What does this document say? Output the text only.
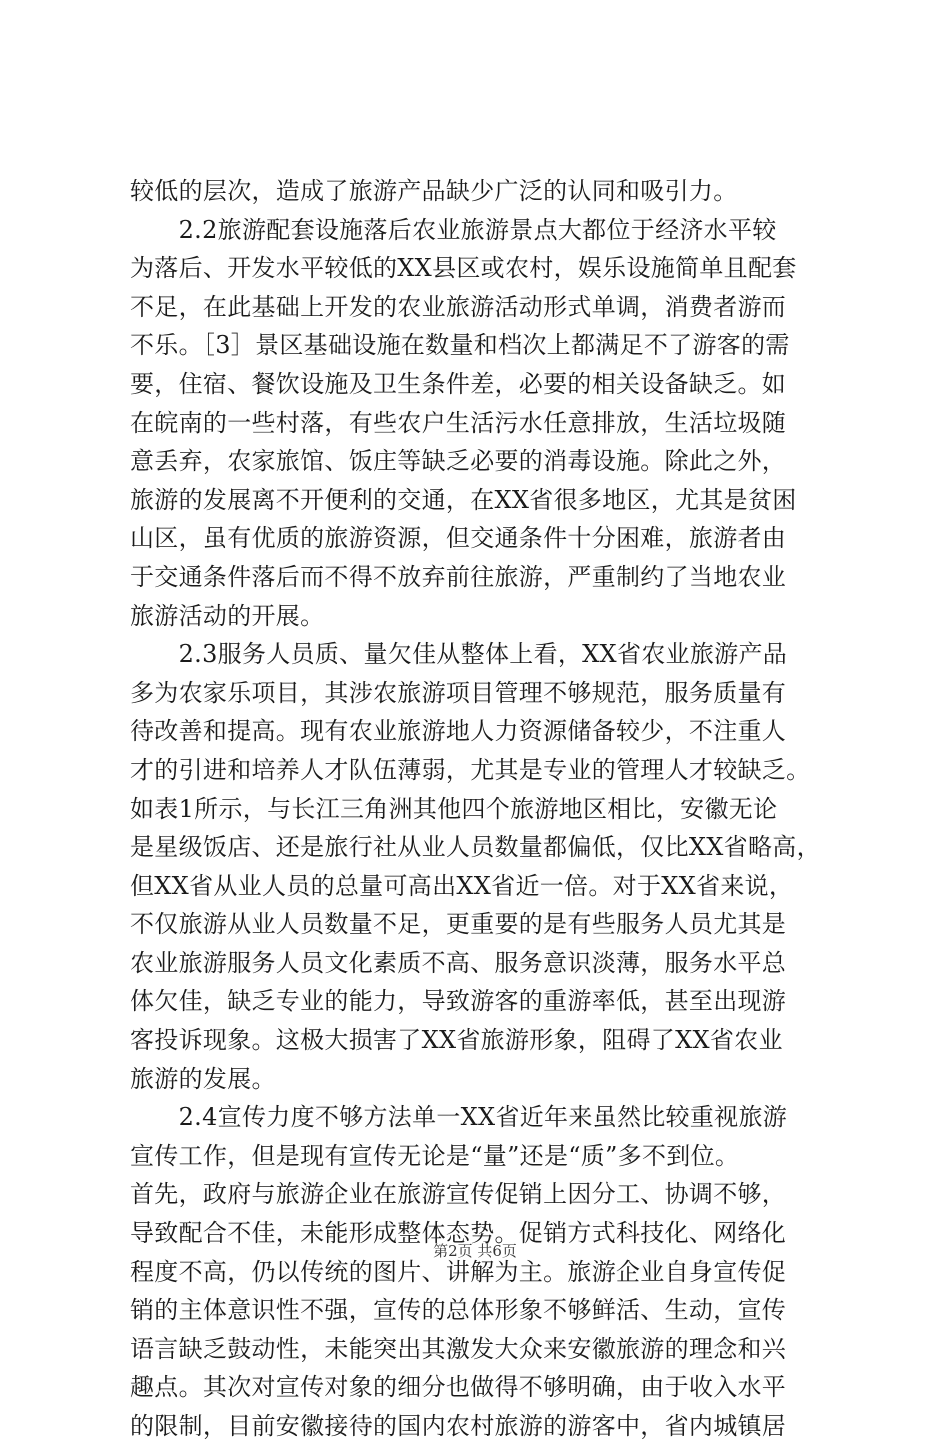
较低的层次，造成了旅游产品缺少广泛的认同和吸引力。
　　2.2旅游配套设施落后农业旅游景点大都位于经济水平较
为落后、开发水平较低的XX县区或农村，娱乐设施简单且配套
不足，在此基础上开发的农业旅游活动形式单调，消费者游而
不乐。［3］景区基础设施在数量和档次上都满足不了游客的需
要，住宿、餐饮设施及卫生条件差，必要的相关设备缺乏。如
在皖南的一些村落，有些农户生活污水任意排放，生活垃圾随
意丢弃，农家旅馆、饭庄等缺乏必要的消毒设施。除此之外，
旅游的发展离不开便利的交通，在XX省很多地区，尤其是贫困
山区，虽有优质的旅游资源，但交通条件十分困难，旅游者由
于交通条件落后而不得不放弃前往旅游，严重制约了当地农业
旅游活动的开展。
　　2.3服务人员质、量欠佳从整体上看，XX省农业旅游产品
多为农家乐项目，其涉农旅游项目管理不够规范，服务质量有
待改善和提高。现有农业旅游地人力资源储备较少，不注重人
才的引进和培养人才队伍薄弱，尤其是专业的管理人才较缺乏。
如表1所示，与长江三角洲其他四个旅游地区相比，安徽无论
是星级饭店、还是旅行社从业人员数量都偏低，仅比XX省略高，
但XX省从业人员的总量可高出XX省近一倍。对于XX省来说，
不仅旅游从业人员数量不足，更重要的是有些服务人员尤其是
农业旅游服务人员文化素质不高、服务意识淡薄，服务水平总
体欠佳，缺乏专业的能力，导致游客的重游率低，甚至出现游
客投诉现象。这极大损害了XX省旅游形象，阻碍了XX省农业
旅游的发展。
　　2.4宣传力度不够方法单一XX省近年来虽然比较重视旅游
宣传工作，但是现有宣传无论是“量”还是“质”多不到位。
首先，政府与旅游企业在旅游宣传促销上因分工、协调不够，
导致配合不佳，未能形成整体态势。促销方式科技化、网络化
程度不高，仍以传统的图片、讲解为主。旅游企业自身宣传促
销的主体意识性不强，宣传的总体形象不够鲜活、生动，宣传
语言缺乏鼓动性，未能突出其激发大众来安徽旅游的理念和兴
趣点。其次对宣传对象的细分也做得不够明确，由于收入水平
的限制，目前安徽接待的国内农村旅游的游客中，省内城镇居
第2页 共6页
